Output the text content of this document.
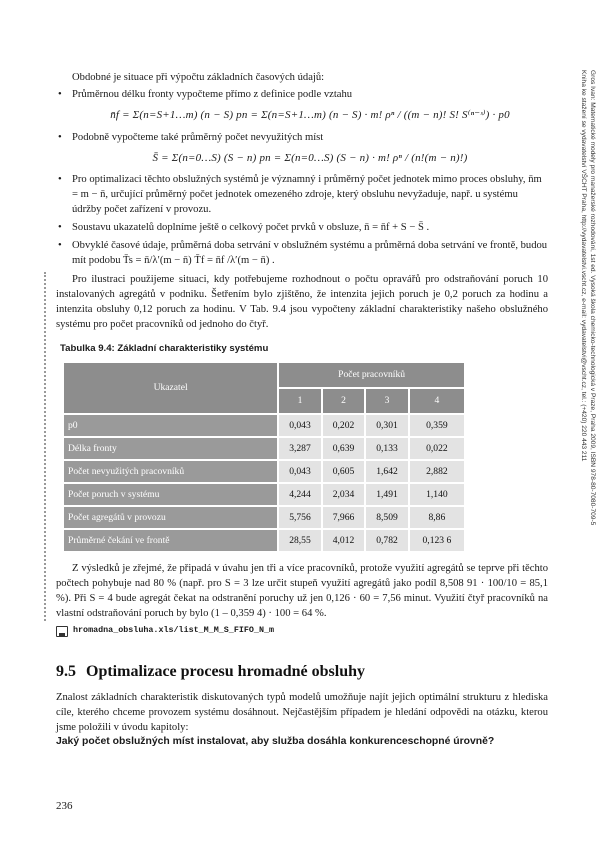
Obdobné je situace při výpočtu základních časových údajů:

• Průměrnou délku fronty vypočteme přímo z definice podle vztahu
n̄f = Σ(n=S+1…m) (n − S) pn = Σ(n=S+1…m) (n − S) · m! ρⁿ / ((m − n)! S! S⁽ⁿ⁻ˢ⁾) · p0
• Podobně vypočteme také průměrný počet nevyužitých míst
S̄ = Σ(n=0…S) (S − n) pn = Σ(n=0…S) (S − n) · m! ρⁿ / (n!(m − n)!)
• Pro optimalizaci těchto obslužných systémů je významný i průměrný počet jednotek mimo proces obsluhy, n̄m = m − n̄, určující průměrný počet jednotek omezeného zdroje, který obsluhu nevyžaduje, např. u systému údržby počet zařízení v provozu.
• Soustavu ukazatelů doplníme ještě o celkový počet prvků v obsluze, n̄ = n̄f + S − S̄ .
• Obvyklé časové údaje, průměrná doba setrvání v obslužném systému a průměrná doba setrvání ve frontě, budou mít podobu T̄s = n̄/λ′(m − n̄) T̄f = n̄f /λ′(m − n̄) .

Pro ilustraci použijeme situaci, kdy potřebujeme rozhodnout o počtu opravářů pro odstraňování poruch 10 instalovaných agregátů v podniku. Šetřením bylo zjištěno, že intenzita jejich poruch je 0,2 poruch za hodinu a intenzita obsluhy 0,12 poruch za hodinu. V Tab. 9.4 jsou vypočteny základní charakteristiky našeho obslužného systému pro počet pracovníků od jednoho do čtyř.

Tabulka 9.4: Základní charakteristiky systému
Ukazatel	Počet pracovníků			
	1	2	3	4
p0	0,043	0,202	0,301	0,359
Délka fronty	3,287	0,639	0,133	0,022
Počet nevyužitých pracovníků	0,043	0,605	1,642	2,882
Počet poruch v systému	4,244	2,034	1,491	1,140
Počet agregátů v provozu	5,756	7,966	8,509	8,86
Průměrné čekání ve frontě	28,55	4,012	0,782	0,123 6

Z výsledků je zřejmé, že připadá v úvahu jen tři a více pracovníků, protože využití agregátů se teprve při těchto počtech pohybuje nad 80 % (např. pro S = 3 lze určit stupeň využití agregátů jako podíl 8,508 91 · 100/10 = 85,1 %). Při S = 4 bude agregát čekat na odstranění poruchy už jen 0,126 · 60 = 7,56 minut. Využití čtyř pracovníků na vlastní odstraňování poruch by bylo (1 – 0,359 4) · 100 = 64 %.

hromadna_obsluha.xls/list_M_M_S_FIFO_N_m
9.5 Optimalizace procesu hromadné obsluhy

Znalost základních charakteristik diskutovaných typů modelů umožňuje najít jejich optimální strukturu z hlediska cíle, kterého chceme provozem systému dosáhnout. Nejčastějším případem je hledání odpovědi na otázku, kterou jsme položili v úvodu kapitoly:

Jaký počet obslužných míst instalovat, aby služba dosáhla konkurenceschopné úrovně?

236
Gros Ivan: Matematické modely pro manažerské rozhodování, 1st ed. Vysoká škola chemicko-technologická v Praze, Praha 2009, ISBN 978-80-7080-709-5
Kniha ke stažení se vydavatelství VŠCHT Praha, http://vydavatelstvi.vscht.cz, e-mail: vydavatelstvi@vscht.cz, tel.: (+420) 220 443 211
